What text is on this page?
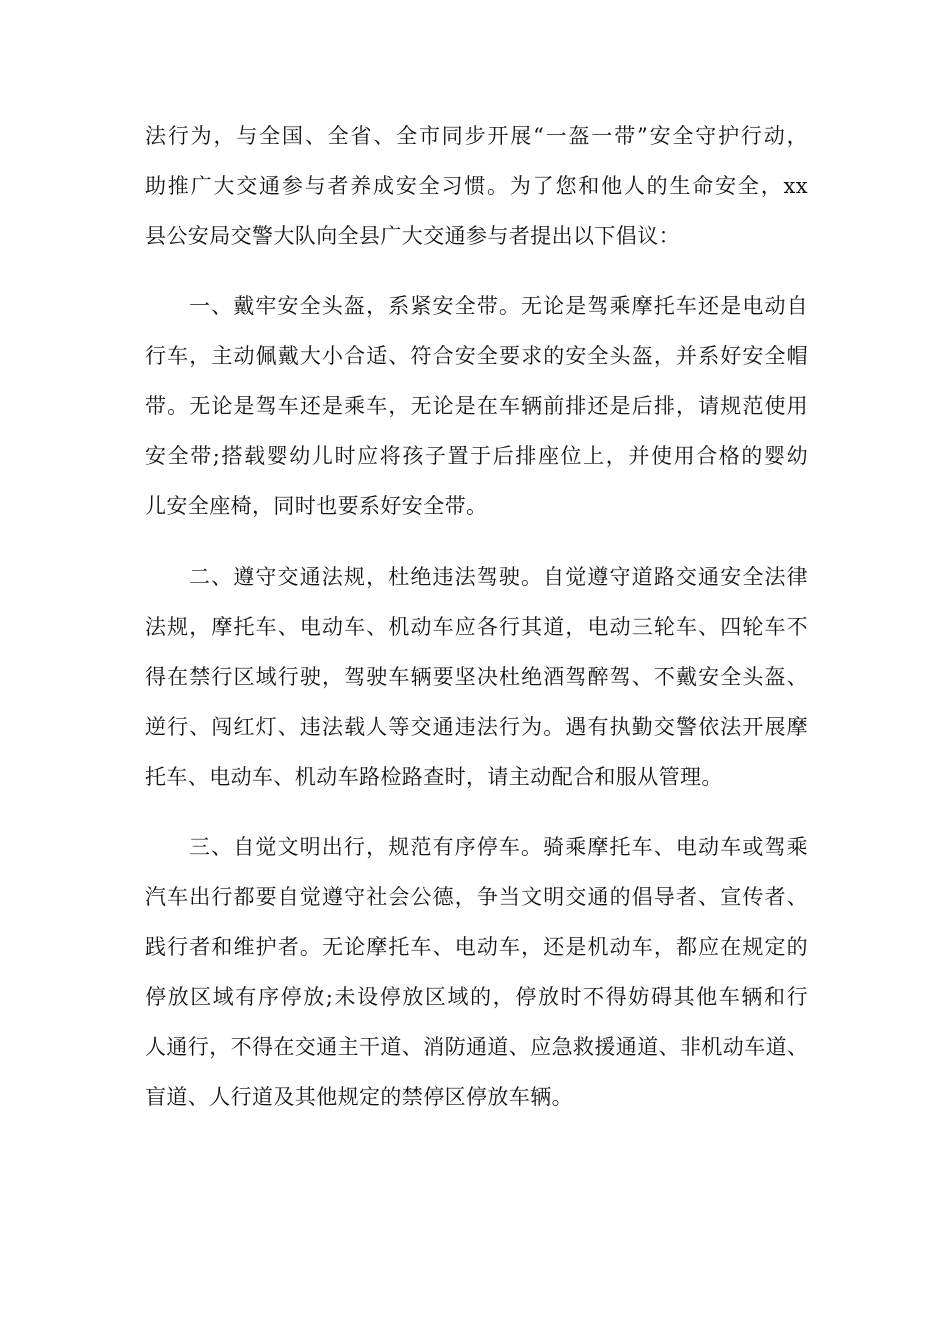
法行为，与全国、全省、全市同步开展“一盔一带”安全守护行动，
助推广大交通参与者养成安全习惯。为了您和他人的生命安全，xx
县公安局交警大队向全县广大交通参与者提出以下倡议：
一、戴牢安全头盔，系紧安全带。无论是驾乘摩托车还是电动自
行车，主动佩戴大小合适、符合安全要求的安全头盔，并系好安全帽
带。无论是驾车还是乘车，无论是在车辆前排还是后排，请规范使用
安全带;搭载婴幼儿时应将孩子置于后排座位上，并使用合格的婴幼
儿安全座椅，同时也要系好安全带。
二、遵守交通法规，杜绝违法驾驶。自觉遵守道路交通安全法律
法规，摩托车、电动车、机动车应各行其道，电动三轮车、四轮车不
得在禁行区域行驶，驾驶车辆要坚决杜绝酒驾醉驾、不戴安全头盔、
逆行、闯红灯、违法载人等交通违法行为。遇有执勤交警依法开展摩
托车、电动车、机动车路检路查时，请主动配合和服从管理。
三、自觉文明出行，规范有序停车。骑乘摩托车、电动车或驾乘
汽车出行都要自觉遵守社会公德，争当文明交通的倡导者、宣传者、
践行者和维护者。无论摩托车、电动车，还是机动车，都应在规定的
停放区域有序停放;未设停放区域的，停放时不得妨碍其他车辆和行
人通行，不得在交通主干道、消防通道、应急救援通道、非机动车道、
盲道、人行道及其他规定的禁停区停放车辆。
